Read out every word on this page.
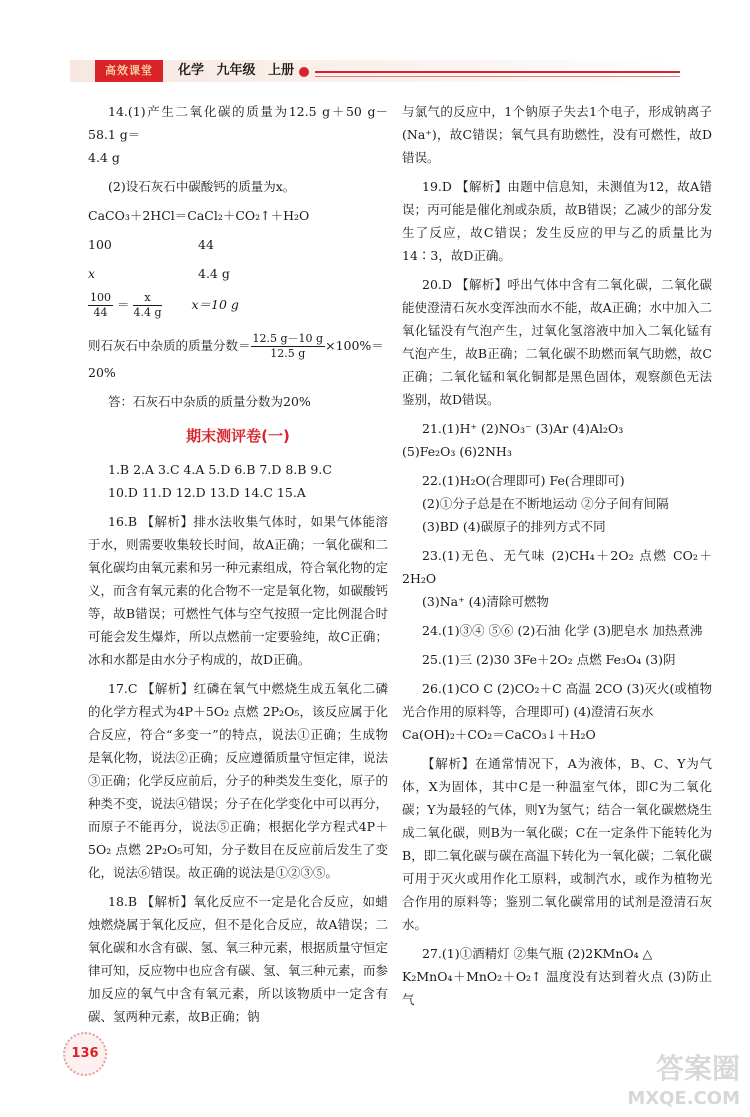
高效课堂	化学 九年级 上册

14.(1)产生二氧化碳的质量为12.5 g＋50 g－58.1 g＝

4.4 g

(2)设石灰石中碳酸钙的质量为x。

CaCO₃＋2HCl＝CaCl₂＋CO₂↑＋H₂O

100	44
x	4.4 g
$\frac{100}{44} = \frac{x}{4.4 g} x=10$ g
则石灰石中杂质的质量分数＝ $\frac{12.5 g-10 g}{12.5 g} \times 100\%=$

20%

答：石灰石中杂质的质量分数为20%

期末测评卷(一)

1.B 2.A 3.C 4.A 5.D 6.B 7.D 8.B 9.C

10.D 11.D 12.D 13.D 14.C 15.A

16.B 【解析】排水法收集气体时，如果气体能溶于水，则需要收集较长时间，故A正确；一氧化碳和二氧化碳均由氧元素和另一种元素组成，符合氧化物的定义，而含有氧元素的化合物不一定是氧化物，如碳酸钙等，故B错误；可燃性气体与空气按照一定比例混合时可能会发生爆炸，所以点燃前一定要验纯，故C正确；冰和水都是由水分子构成的，故D正确。

17.C 【解析】红磷在氧气中燃烧生成五氧化二磷的化学方程式为4P＋5O₂ 点燃 2P₂O₅，该反应属于化合反应，符合“多变一”的特点，说法①正确；生成物是氧化物，说法②正确；反应遵循质量守恒定律，说法③正确；化学反应前后，分子的种类发生变化，原子的种类不变，说法④错误；分子在化学变化中可以再分，而原子不能再分，说法⑤正确；根据化学方程式4P＋5O₂ 点燃 2P₂O₅可知，分子数目在反应前后发生了变化，说法⑥错误。故正确的说法是①②③⑤。

18.B 【解析】氧化反应不一定是化合反应，如蜡烛燃烧属于氧化反应，但不是化合反应，故A错误；二氧化碳和水含有碳、氢、氧三种元素，根据质量守恒定律可知，反应物中也应含有碳、氢、氧三种元素，而参加反应的氧气中含有氧元素，所以该物质中一定含有碳、氢两种元素，故B正确；钠

与氯气的反应中，1个钠原子失去1个电子，形成钠离子(Na⁺)，故C错误；氧气具有助燃性，没有可燃性，故D错误。

19.D 【解析】由题中信息知，未测值为12，故A错误；丙可能是催化剂或杂质，故B错误；乙减少的部分发生了反应，故C错误；发生反应的甲与乙的质量比为14∶3，故D正确。

20.D 【解析】呼出气体中含有二氧化碳，二氧化碳能使澄清石灰水变浑浊而水不能，故A正确；水中加入二氧化锰没有气泡产生，过氧化氢溶液中加入二氧化锰有气泡产生，故B正确；二氧化碳不助燃而氧气助燃，故C正确；二氧化锰和氧化铜都是黑色固体，观察颜色无法鉴别，故D错误。

21.(1)H⁺ (2)NO₃⁻ (3)Ar (4)Al₂O₃

(5)Fe₂O₃ (6)2NH₃

22.(1)H₂O(合理即可) Fe(合理即可)

(2)①分子总是在不断地运动 ②分子间有间隔

(3)BD (4)碳原子的排列方式不同

23.(1)无色、无气味 (2)CH₄＋2O₂ 点燃 CO₂＋2H₂O

(3)Na⁺ (4)清除可燃物

24.(1)③④ ⑤⑥ (2)石油 化学 (3)肥皂水 加热煮沸

25.(1)三 (2)30 3Fe＋2O₂ 点燃 Fe₃O₄ (3)阴

26.(1)CO C (2)CO₂＋C 高温 2CO (3)灭火(或植物光合作用的原料等，合理即可) (4)澄清石灰水

Ca(OH)₂＋CO₂＝CaCO₃↓＋H₂O

【解析】在通常情况下，A为液体，B、C、Y为气体，X为固体，其中C是一种温室气体，即C为二氧化碳；Y为最轻的气体，则Y为氢气；结合一氧化碳燃烧生成二氧化碳，则B为一氧化碳；C在一定条件下能转化为B，即二氧化碳与碳在高温下转化为一氧化碳；二氧化碳可用于灭火或用作化工原料，或制汽水，或作为植物光合作用的原料等；鉴别二氧化碳常用的试剂是澄清石灰水。

27.(1)①酒精灯 ②集气瓶 (2)2KMnO₄ △

K₂MnO₄＋MnO₂＋O₂↑ 温度没有达到着火点 (3)防止气

136	答案圈
MXQE.COM
